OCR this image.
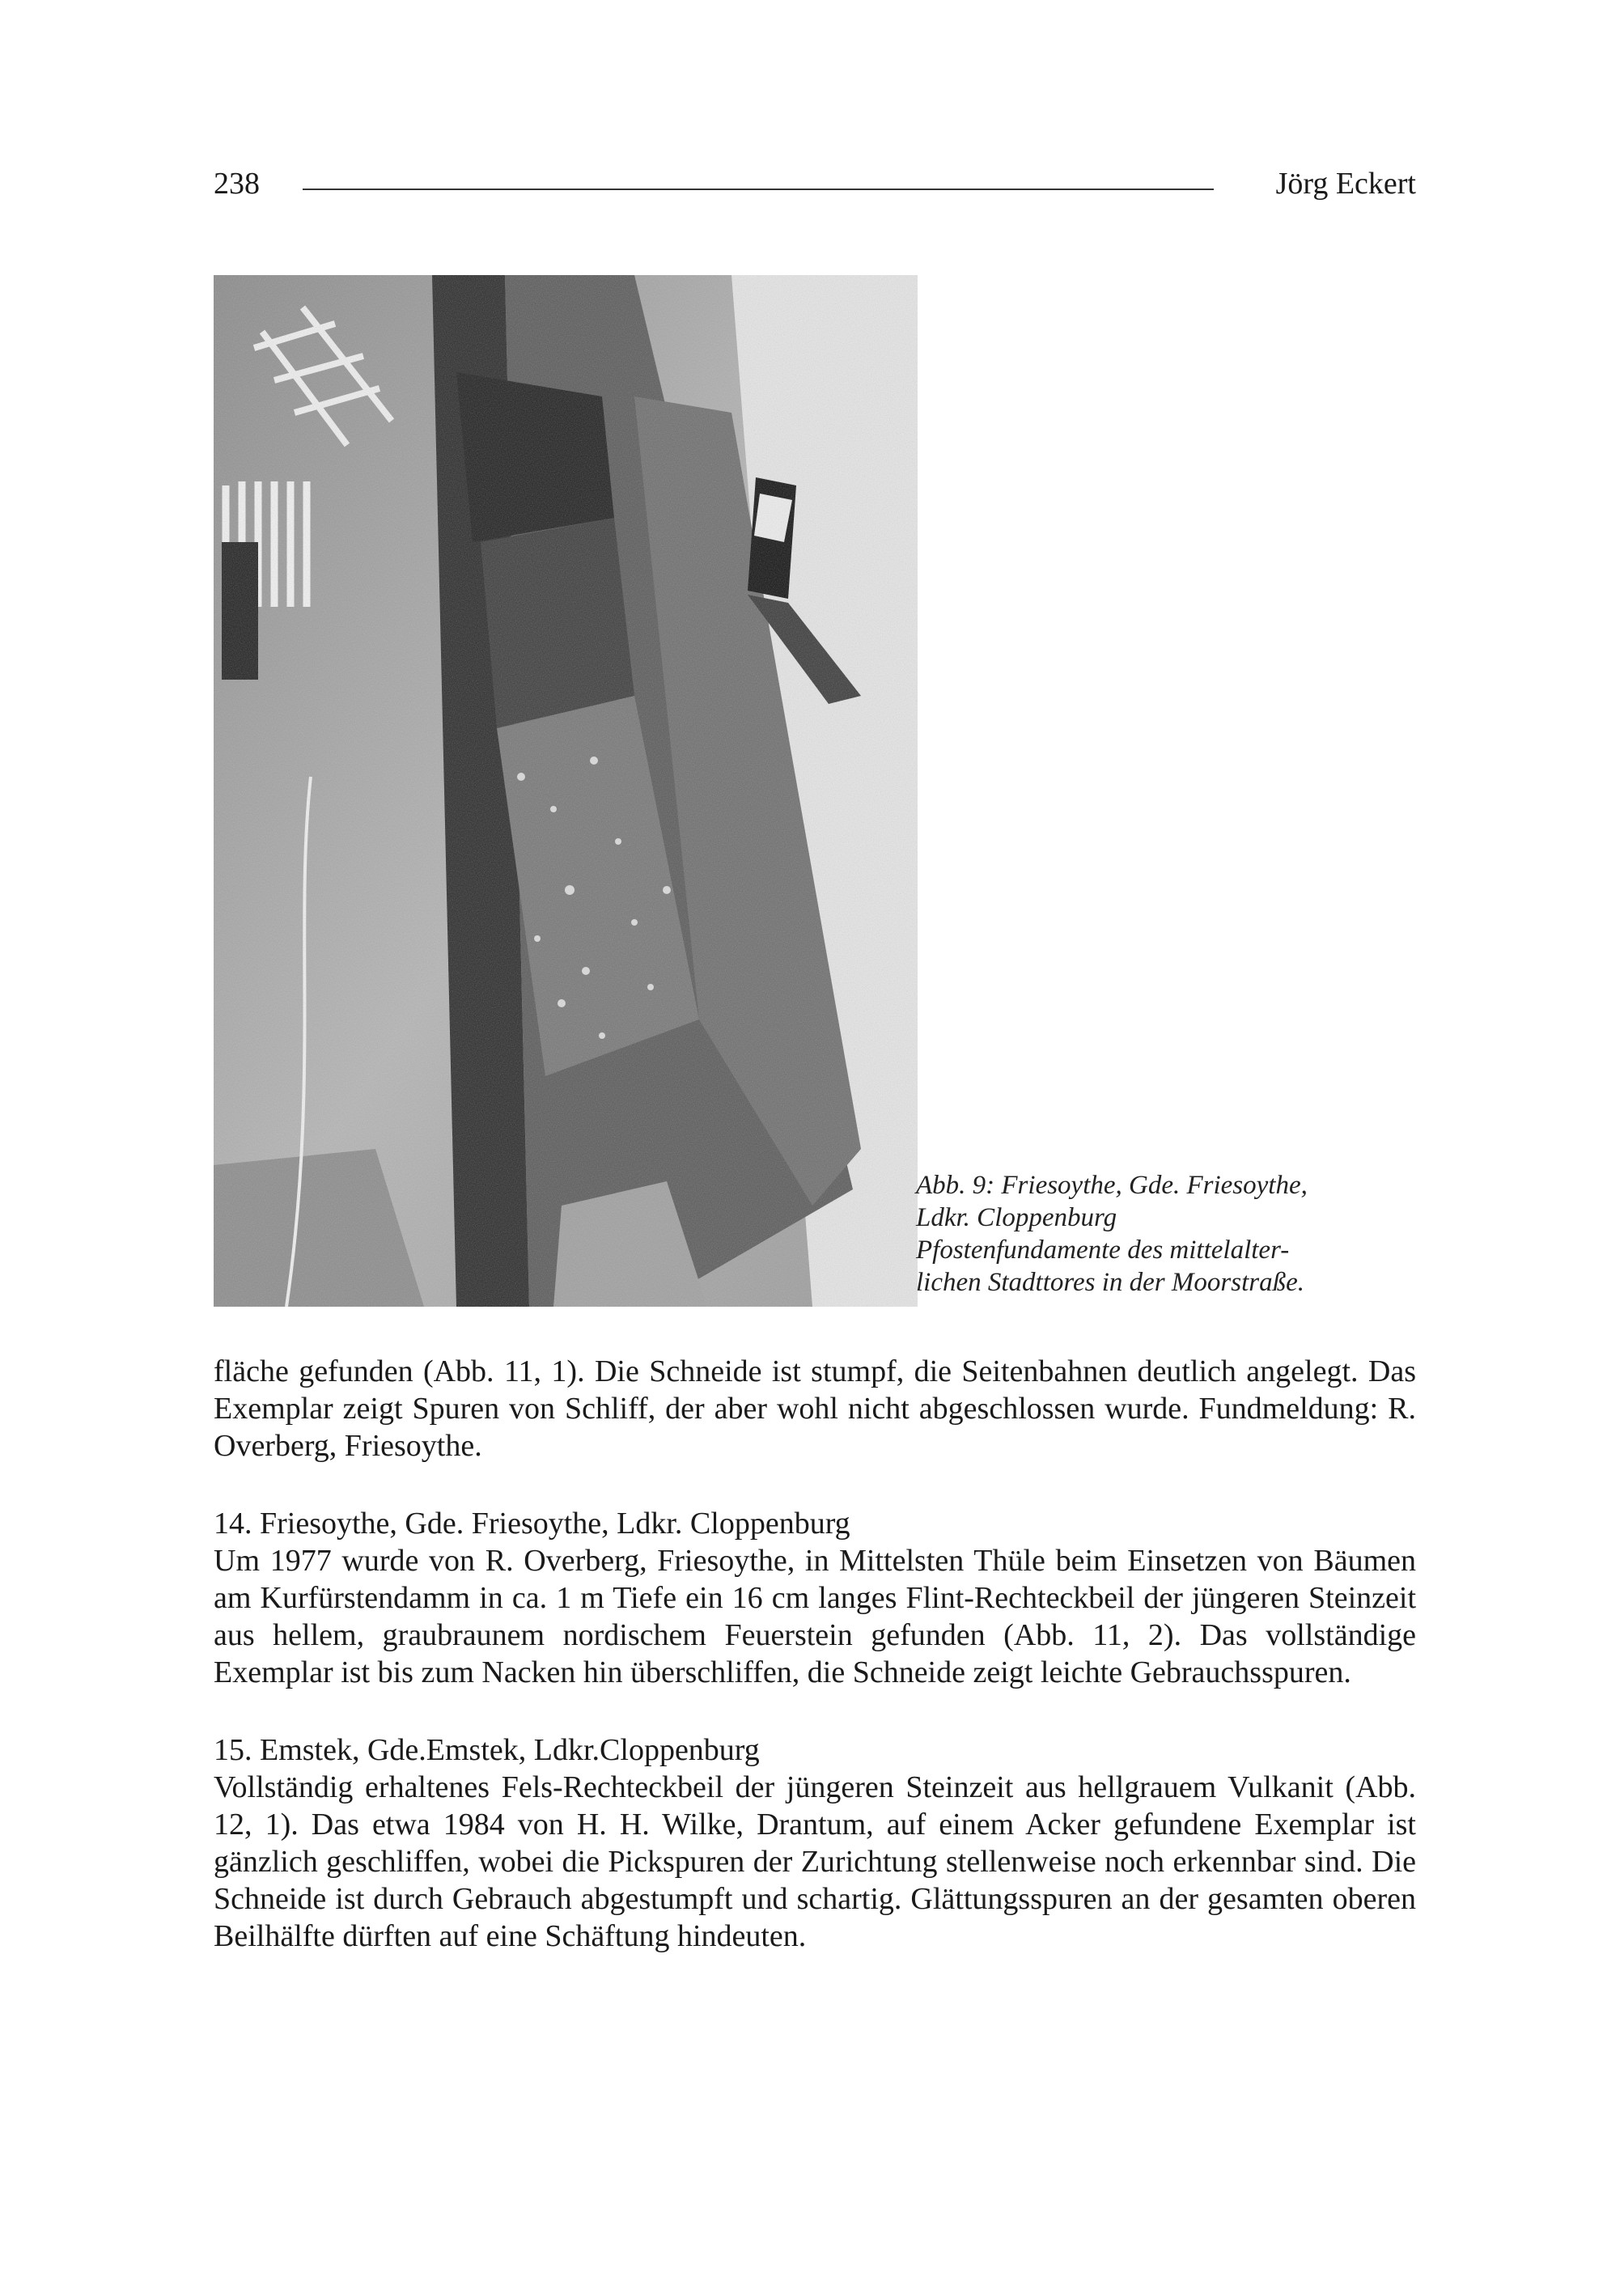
238	Jörg Eckert
Abb. 9: Friesoythe, Gde. Friesoythe,
Ldkr. Cloppenburg
Pfostenfundamente des mittelalter-
lichen Stadttores in der Moorstraße.
fläche gefunden (Abb. 11, 1). Die Schneide ist stumpf, die Seitenbahnen deutlich angelegt. Das Exemplar zeigt Spuren von Schliff, der aber wohl nicht abgeschlossen wurde. Fundmeldung: R. Overberg, Friesoythe.
14. Friesoythe, Gde. Friesoythe, Ldkr. Cloppenburg
Um 1977 wurde von R. Overberg, Friesoythe, in Mittelsten Thüle beim Einsetzen von Bäumen am Kurfürstendamm in ca. 1 m Tiefe ein 16 cm langes Flint-Rechteckbeil der jüngeren Steinzeit aus hellem, graubraunem nordischem Feuerstein gefunden (Abb. 11, 2). Das vollständige Exemplar ist bis zum Nacken hin überschliffen, die Schneide zeigt leichte Gebrauchsspuren.
15. Emstek, Gde.Emstek, Ldkr.Cloppenburg
Vollständig erhaltenes Fels-Rechteckbeil der jüngeren Steinzeit aus hellgrauem Vulkanit (Abb. 12, 1). Das etwa 1984 von H. H. Wilke, Drantum, auf einem Acker gefundene Exemplar ist gänzlich geschliffen, wobei die Pickspuren der Zurichtung stellenweise noch erkennbar sind. Die Schneide ist durch Gebrauch abgestumpft und schartig. Glättungsspuren an der gesamten oberen Beilhälfte dürften auf eine Schäftung hindeuten.
